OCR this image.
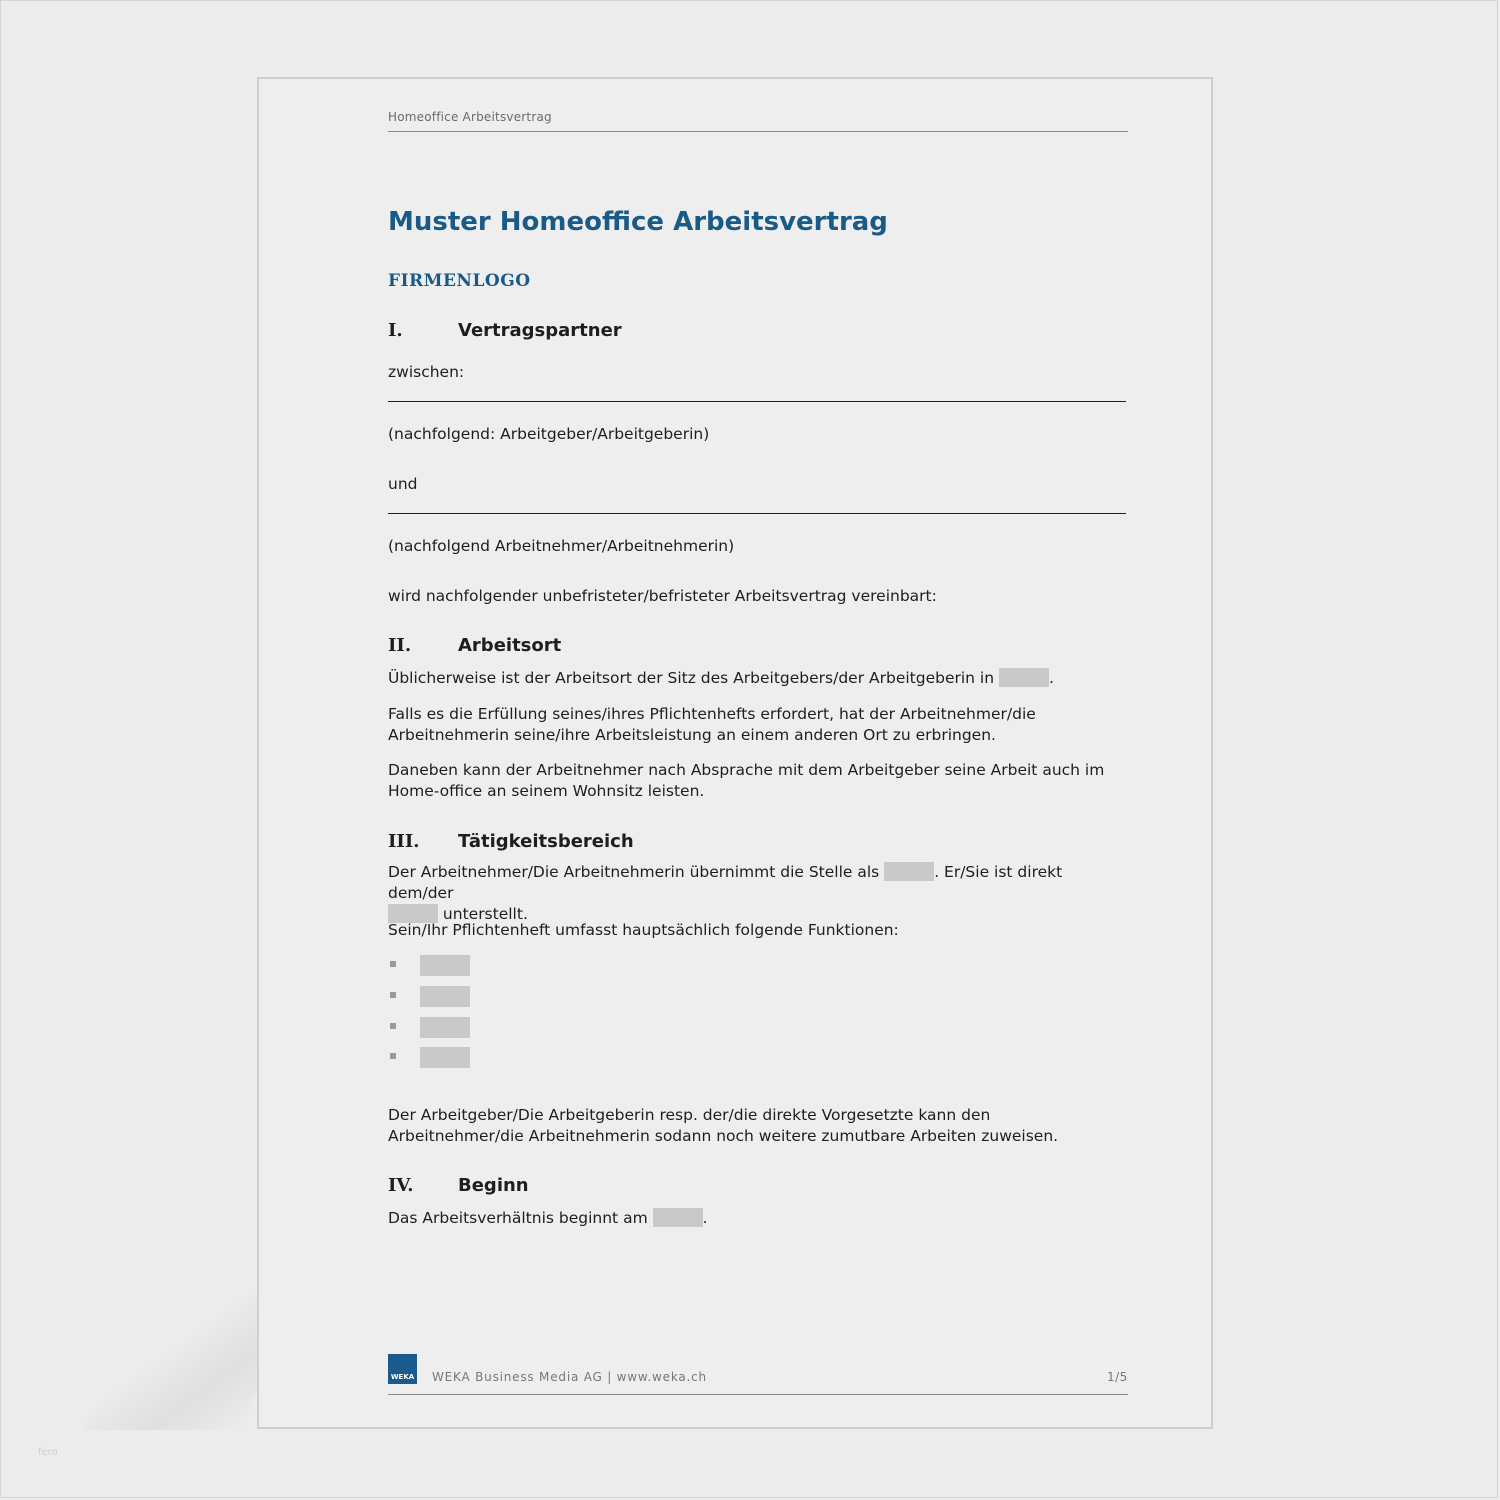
Homeoffice Arbeitsvertrag
Muster Homeoffice Arbeitsvertrag
FIRMENLOGO
I.	Vertragspartner
zwischen:
(nachfolgend: Arbeitgeber/Arbeitgeberin)
und
(nachfolgend Arbeitnehmer/Arbeitnehmerin)
wird nachfolgender unbefristeter/befristeter Arbeitsvertrag vereinbart:
II.	Arbeitsort
Üblicherweise ist der Arbeitsort der Sitz des Arbeitgebers/der Arbeitgeberin in	.
Falls es die Erfüllung seines/ihres Pflichtenhefts erfordert, hat der Arbeitnehmer/die Arbeitnehmerin seine/ihre Arbeitsleistung an einem anderen Ort zu erbringen.
Daneben kann der Arbeitnehmer nach Absprache mit dem Arbeitgeber seine Arbeit auch im Home-office an seinem Wohnsitz leisten.
III. Tätigkeitsbereich
Der Arbeitnehmer/Die Arbeitnehmerin übernimmt die Stelle als	. Er/Sie ist direkt dem/der
unterstellt.
Sein/Ihr Pflichtenheft umfasst hauptsächlich folgende Funktionen:
Der Arbeitgeber/Die Arbeitgeberin resp. der/die direkte Vorgesetzte kann den Arbeitnehmer/die Arbeitnehmerin sodann noch weitere zumutbare Arbeiten zuweisen.
IV. Beginn
Das Arbeitsverhältnis beginnt am	.
WEKA WEKA Business Media AG | www.weka.ch	1/5
fero
